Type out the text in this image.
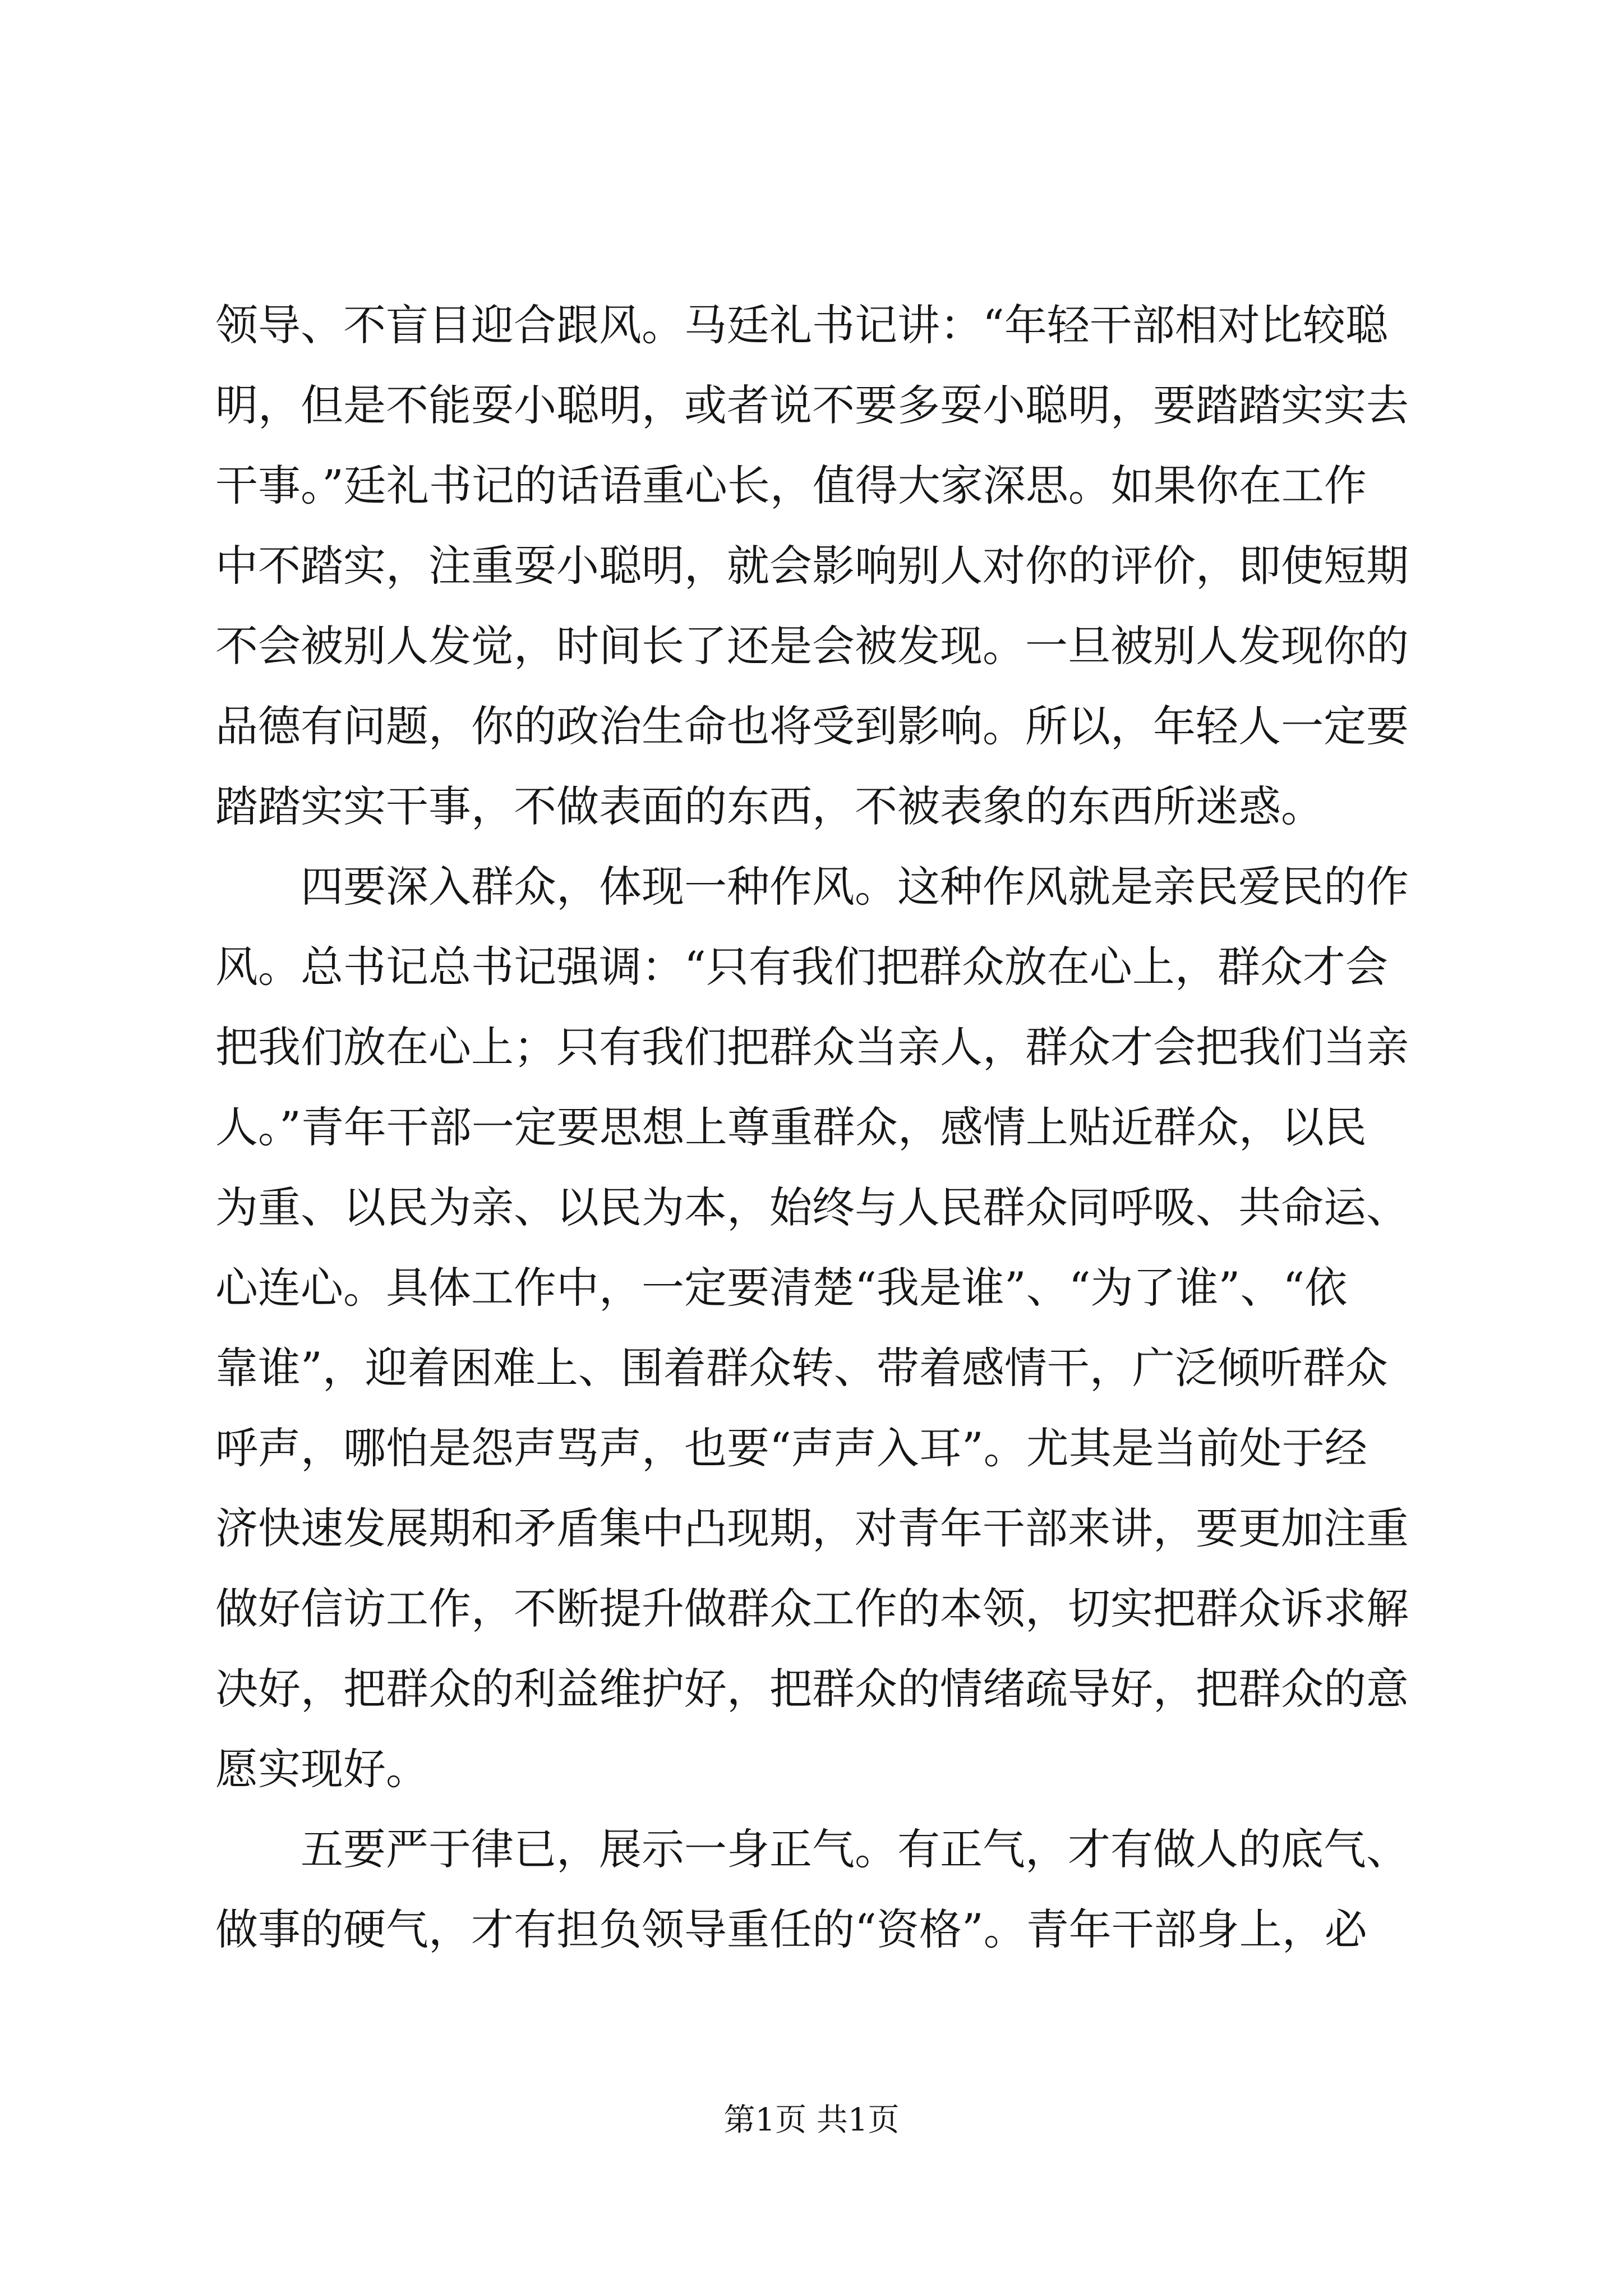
领导、不盲目迎合跟风。马廷礼书记讲：“年轻干部相对比较聪
明，但是不能耍小聪明，或者说不要多耍小聪明，要踏踏实实去
干事。”廷礼书记的话语重心长，值得大家深思。如果你在工作
中不踏实，注重耍小聪明，就会影响别人对你的评价，即使短期
不会被别人发觉，时间长了还是会被发现。一旦被别人发现你的
品德有问题，你的政治生命也将受到影响。所以，年轻人一定要
踏踏实实干事，不做表面的东西，不被表象的东西所迷惑。
四要深入群众，体现一种作风。这种作风就是亲民爱民的作
风。总书记总书记强调：“只有我们把群众放在心上，群众才会
把我们放在心上；只有我们把群众当亲人，群众才会把我们当亲
人。”青年干部一定要思想上尊重群众，感情上贴近群众，以民
为重、以民为亲、以民为本，始终与人民群众同呼吸、共命运、
心连心。具体工作中，一定要清楚“我是谁”、“为了谁”、“依
靠谁”，迎着困难上、围着群众转、带着感情干，广泛倾听群众
呼声，哪怕是怨声骂声，也要“声声入耳”。尤其是当前处于经
济快速发展期和矛盾集中凸现期，对青年干部来讲，要更加注重
做好信访工作，不断提升做群众工作的本领，切实把群众诉求解
决好，把群众的利益维护好，把群众的情绪疏导好，把群众的意
愿实现好。
五要严于律已，展示一身正气。有正气，才有做人的底气、
做事的硬气，才有担负领导重任的“资格”。青年干部身上，必
第1页 共1页
